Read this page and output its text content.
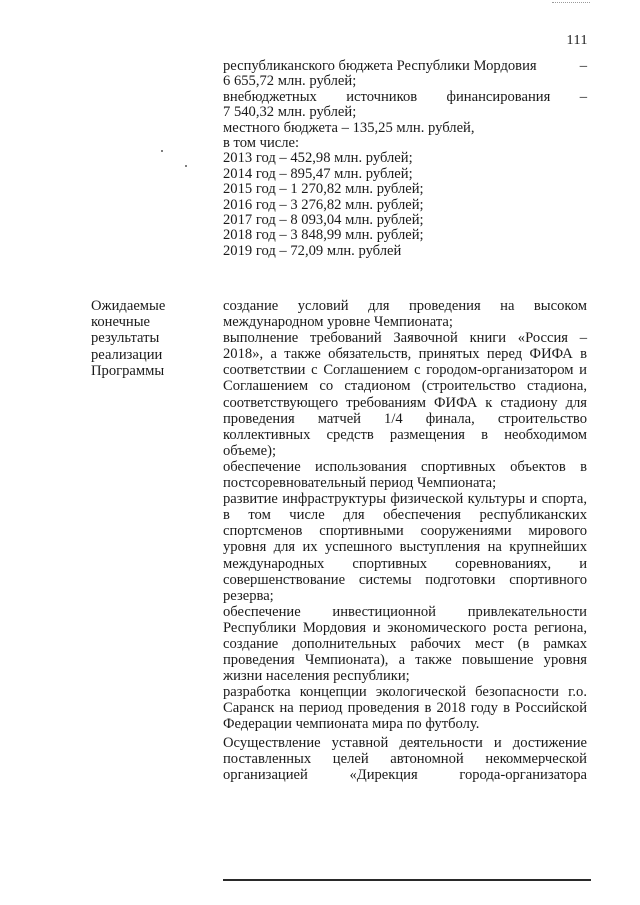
111

республиканского бюджета Республики Мордовия	–

6 655,72 млн. рублей;

внебюджетных источников финансирования –

7 540,32 млн. рублей;

местного бюджета – 135,25 млн. рублей,

в том числе:

2013 год – 452,98 млн. рублей;

2014 год – 895,47 млн. рублей;

2015 год – 1 270,82 млн. рублей;

2016 год – 3 276,82 млн. рублей;

2017 год – 8 093,04 млн. рублей;

2018 год – 3 848,99 млн. рублей;

2019 год – 72,09 млн. рублей

Ожидаемые

конечные

результаты

реализации

Программы

создание условий для проведения на высоком международном уровне Чемпионата;

выполнение требований Заявочной книги «Россия – 2018», а также обязательств, принятых перед ФИФА в соответствии с Соглашением с городом-организатором и Соглашением со стадионом (строительство стадиона, соответствующего требованиям ФИФА к стадиону для проведения матчей 1/4 финала, строительство коллективных средств размещения в необходимом объеме);

обеспечение использования спортивных объектов в постсоревновательный период Чемпионата;

развитие инфраструктуры физической культуры и спорта, в том числе для обеспечения республиканских спортсменов спортивными сооружениями мирового уровня для их успешного выступления на крупнейших международных спортивных соревнованиях, и совершенствование системы подготовки спортивного резерва;

обеспечение инвестиционной привлекательности Республики Мордовия и экономического роста региона, создание дополнительных рабочих мест (в рамках проведения Чемпионата), а также повышение уровня жизни населения республики;

разработка концепции экологической безопасности г.о. Саранск на период проведения в 2018 году в Российской Федерации чемпионата мира по футболу.

Осуществление уставной деятельности и достижение поставленных целей автономной некоммерческой организацией «Дирекция города-организатора
